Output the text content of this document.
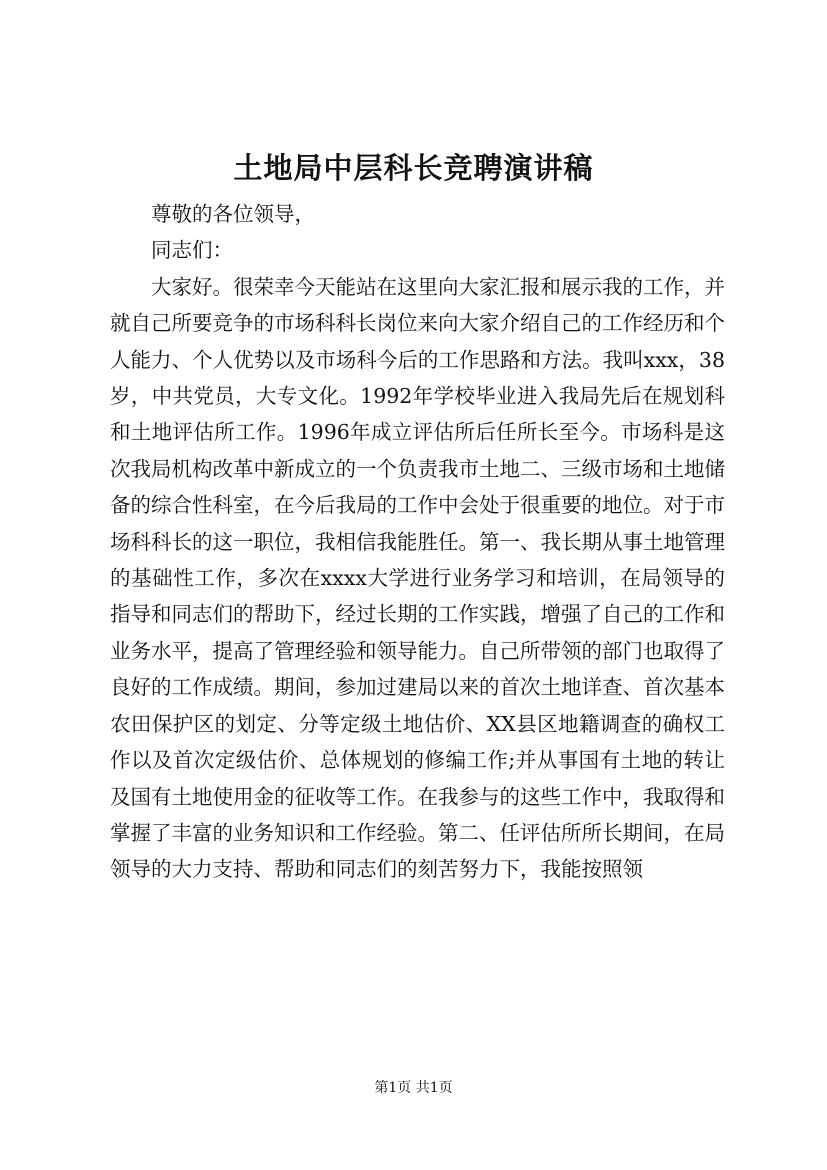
土地局中层科长竞聘演讲稿

尊敬的各位领导，

同志们：

大家好。很荣幸今天能站在这里向大家汇报和展示我的工作，并就自己所要竞争的市场科科长岗位来向大家介绍自己的工作经历和个人能力、个人优势以及市场科今后的工作思路和方法。我叫xxx，38岁，中共党员，大专文化。1992年学校毕业进入我局先后在规划科和土地评估所工作。1996年成立评估所后任所长至今。市场科是这次我局机构改革中新成立的一个负责我市土地二、三级市场和土地储备的综合性科室，在今后我局的工作中会处于很重要的地位。对于市场科科长的这一职位，我相信我能胜任。第一、我长期从事土地管理的基础性工作，多次在xxxx大学进行业务学习和培训，在局领导的指导和同志们的帮助下，经过长期的工作实践，增强了自己的工作和业务水平，提高了管理经验和领导能力。自己所带领的部门也取得了良好的工作成绩。期间，参加过建局以来的首次土地详查、首次基本农田保护区的划定、分等定级土地估价、XX县区地籍调查的确权工作以及首次定级估价、总体规划的修编工作;并从事国有土地的转让及国有土地使用金的征收等工作。在我参与的这些工作中，我取得和掌握了丰富的业务知识和工作经验。第二、任评估所所长期间，在局领导的大力支持、帮助和同志们的刻苦努力下，我能按照领

第1页 共1页
